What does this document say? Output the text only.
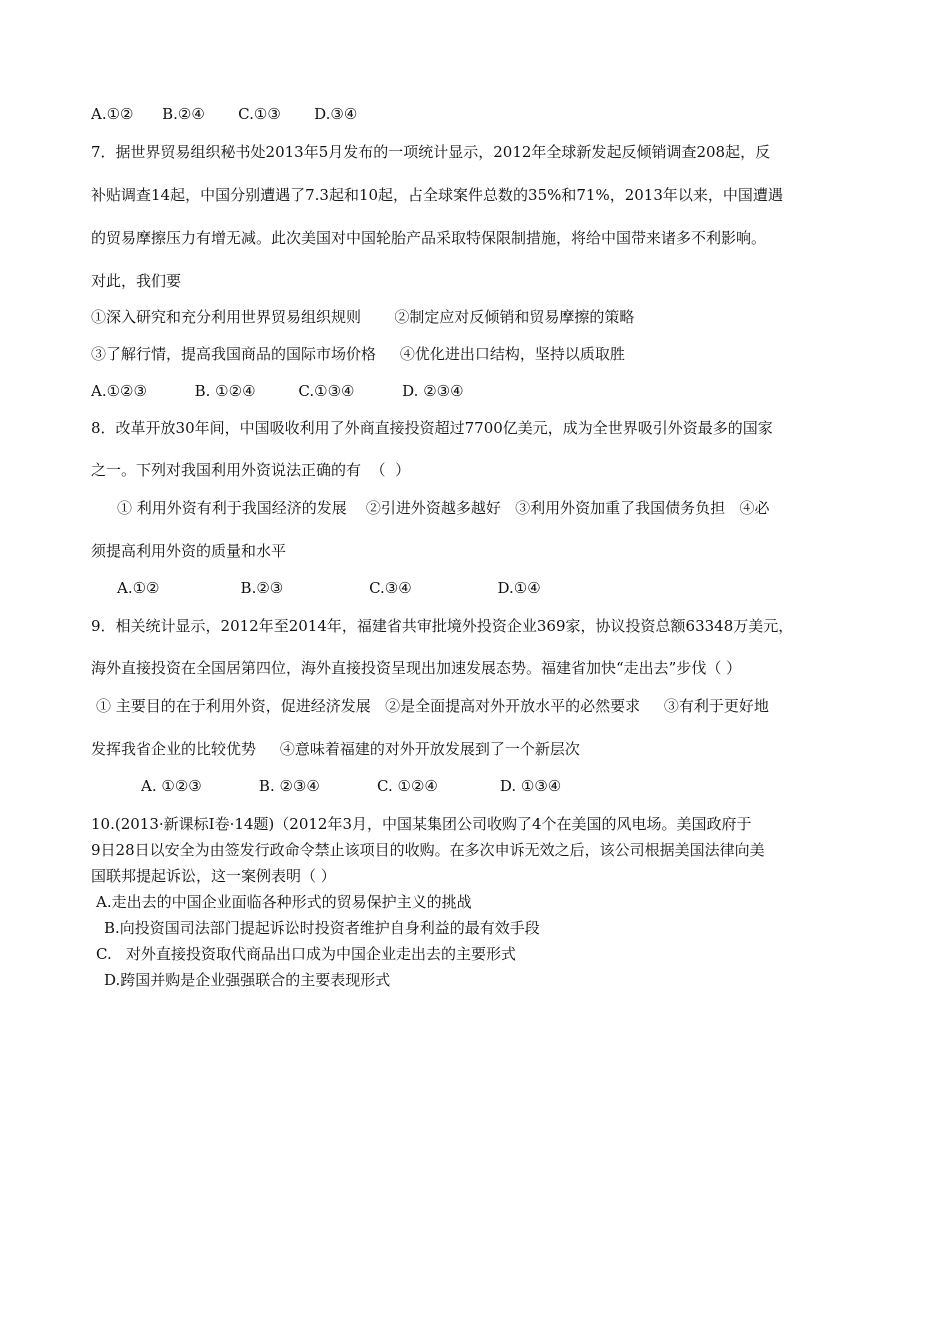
A.①②      B.②④       C.①③       D.③④
7．据世界贸易组织秘书处2013年5月发布的一项统计显示，2012年全球新发起反倾销调查208起，反
补贴调查14起，中国分别遭遇了7.3起和10起，占全球案件总数的35%和71%，2013年以来，中国遭遇
的贸易摩擦压力有增无减。此次美国对中国轮胎产品采取特保限制措施，将给中国带来诸多不利影响。
对此，我们要
①深入研究和充分利用世界贸易组织规则       ②制定应对反倾销和贸易摩擦的策略
③了解行情，提高我国商品的国际市场价格     ④优化进出口结构，坚持以质取胜
A.①②③          B. ①②④         C.①③④          D. ②③④
8．改革开放30年间，中国吸收利用了外商直接投资超过7700亿美元，成为全世界吸引外资最多的国家
之一。下列对我国利用外资说法正确的有  （  ）
① 利用外资有利于我国经济的发展    ②引进外资越多越好   ③利用外资加重了我国债务负担   ④必
须提高利用外资的质量和水平
A.①②                 B.②③                  C.③④                  D.①④
9．相关统计显示，2012年至2014年，福建省共审批境外投资企业369家，协议投资总额63348万美元，
海外直接投资在全国居第四位，海外直接投资呈现出加速发展态势。福建省加快“走出去”步伐（ ）
① 主要目的在于利用外资，促进经济发展   ②是全面提高对外开放水平的必然要求     ③有利于更好地
发挥我省企业的比较优势     ④意味着福建的对外开放发展到了一个新层次
A. ①②③            B. ②③④            C. ①②④             D. ①③④
10.(2013·新课标Ⅰ卷·14题)（2012年3月，中国某集团公司收购了4个在美国的风电场。美国政府于
9日28日以安全为由签发行政命令禁止该项目的收购。在多次申诉无效之后，该公司根据美国法律向美
国联邦提起诉讼，这一案例表明（ ）
A.走出去的中国企业面临各种形式的贸易保护主义的挑战
B.向投资国司法部门提起诉讼时投资者维护自身利益的最有效手段
C.   对外直接投资取代商品出口成为中国企业走出去的主要形式
D.跨国并购是企业强强联合的主要表现形式
